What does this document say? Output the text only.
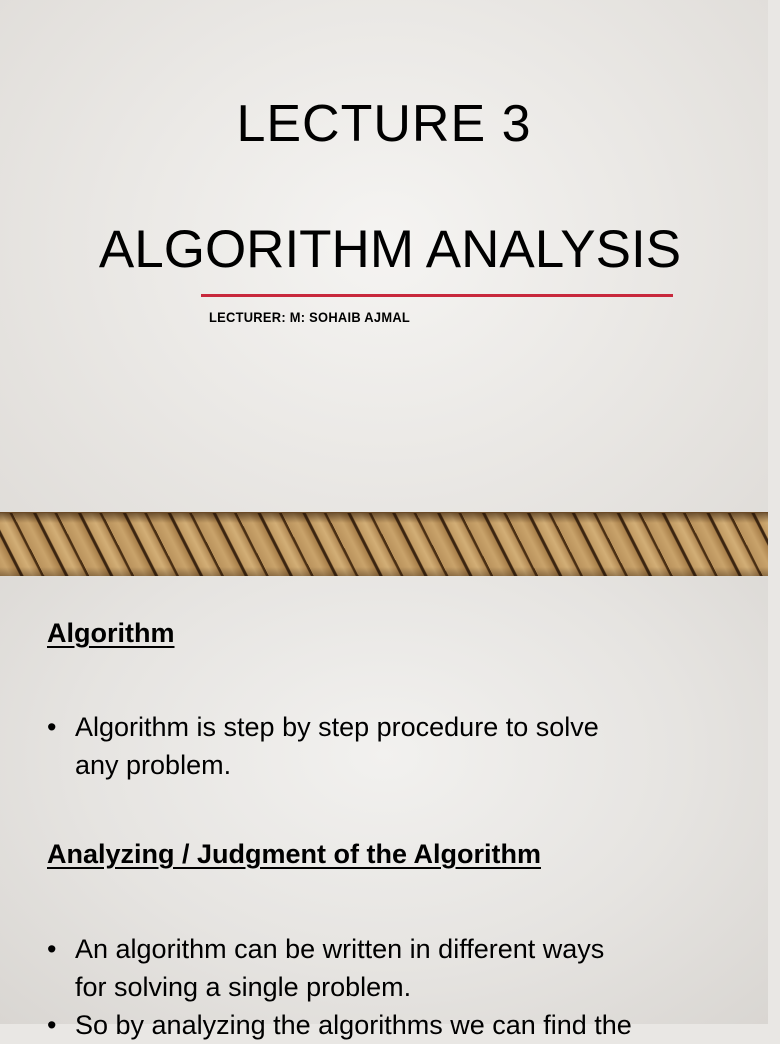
LECTURE 3
ALGORITHM ANALYSIS
LECTURER: M: SOHAIB AJMAL
Algorithm
• Algorithm is step by step procedure to solve
any problem.
Analyzing / Judgment of the Algorithm
• An algorithm can be written in different ways
for solving a single problem.
• So by analyzing the algorithms we can find the
